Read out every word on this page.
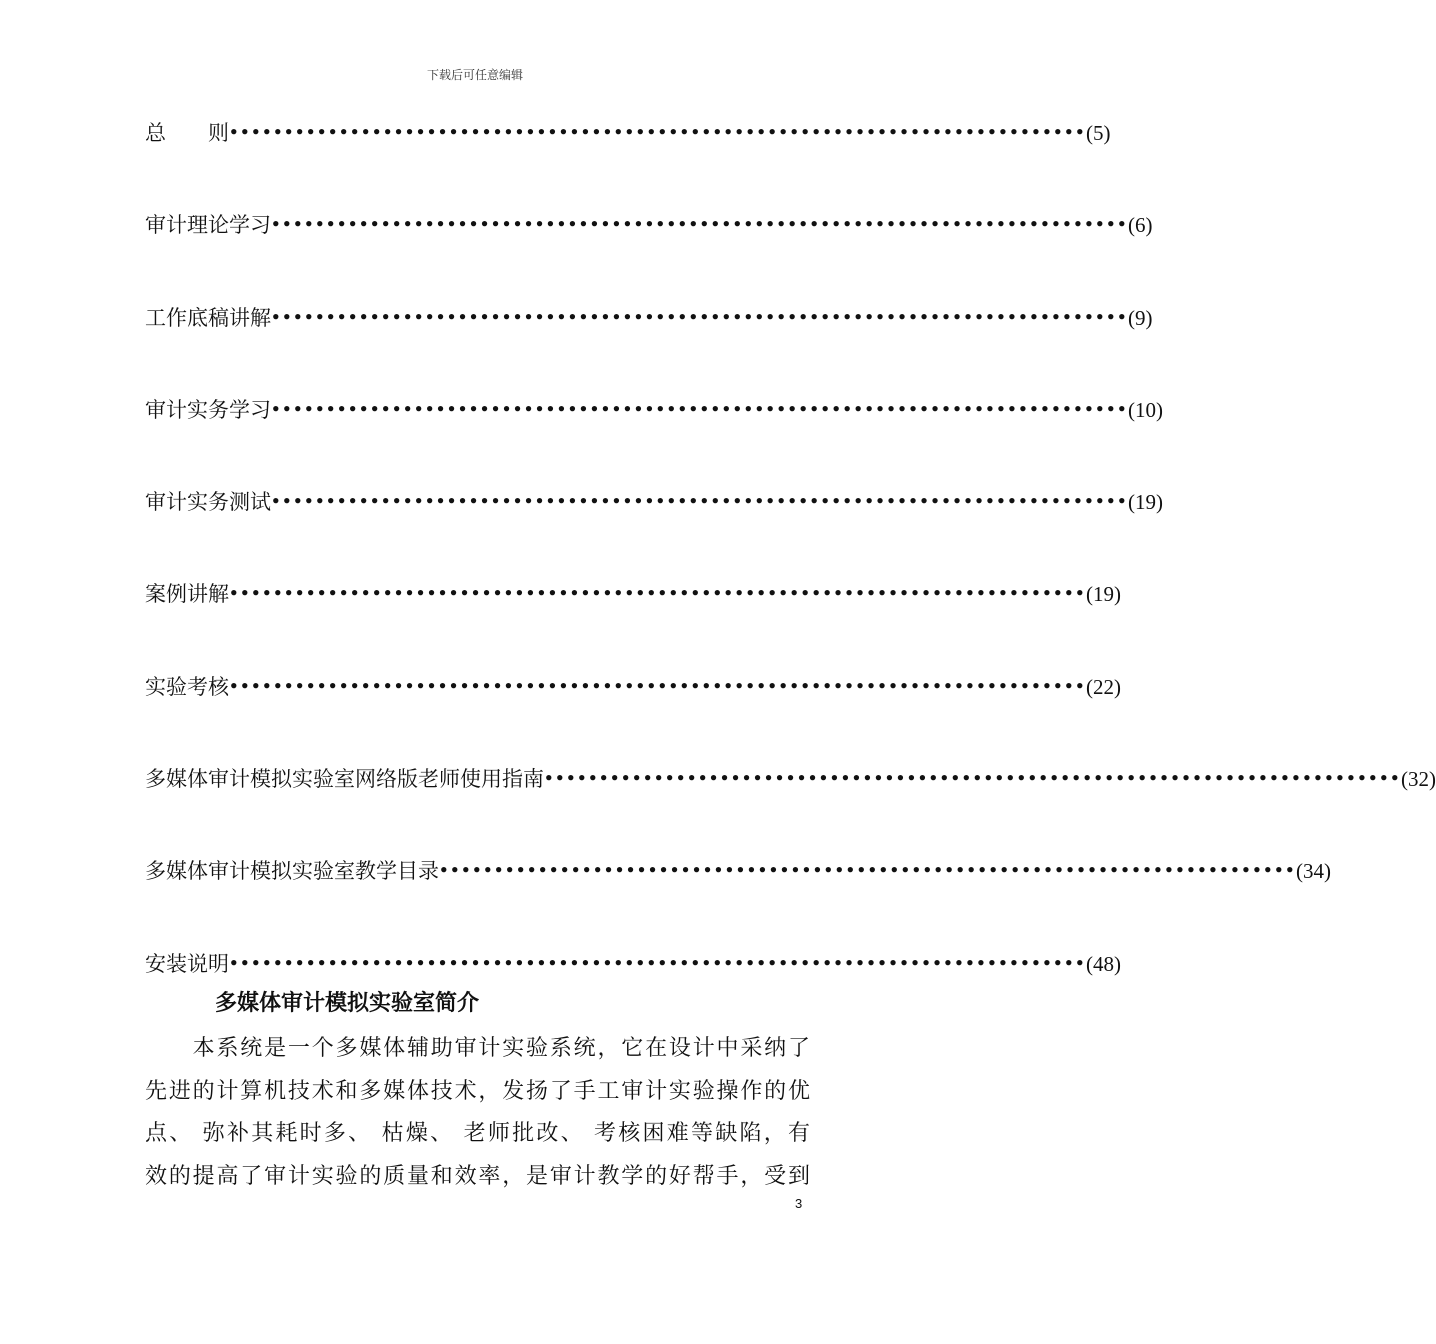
下载后可任意编辑
总　　则 •••••••••••••••••••••••••••••••••••••••••••••••••••••••••••••••••••••••••••••• (5)
审计理论学习 •••••••••••••••••••••••••••••••••••••••••••••••••••••••••••••••••••••••••••••• (6)
工作底稿讲解 •••••••••••••••••••••••••••••••••••••••••••••••••••••••••••••••••••••••••••••• (9)
审计实务学习 •••••••••••••••••••••••••••••••••••••••••••••••••••••••••••••••••••••••••••••• (10)
审计实务测试 •••••••••••••••••••••••••••••••••••••••••••••••••••••••••••••••••••••••••••••• (19)
案例讲解 •••••••••••••••••••••••••••••••••••••••••••••••••••••••••••••••••••••••••••••• (19)
实验考核 •••••••••••••••••••••••••••••••••••••••••••••••••••••••••••••••••••••••••••••• (22)
多媒体审计模拟实验室网络版老师使用指南 •••••••••••••••••••••••••••••••••••••••••••••••••••••••••••••••••••••••••••••• (32)
多媒体审计模拟实验室教学目录 •••••••••••••••••••••••••••••••••••••••••••••••••••••••••••••••••••••••••••••• (34)
安装说明 •••••••••••••••••••••••••••••••••••••••••••••••••••••••••••••••••••••••••••••• (48)
多媒体审计模拟实验室简介
　　本系统是一个多媒体辅助审计实验系统，它在设计中采纳了
先进的计算机技术和多媒体技术，发扬了手工审计实验操作的优
点、 弥补其耗时多、 枯燥、 老师批改、 考核困难等缺陷，有
效的提高了审计实验的质量和效率，是审计教学的好帮手，受到
3
